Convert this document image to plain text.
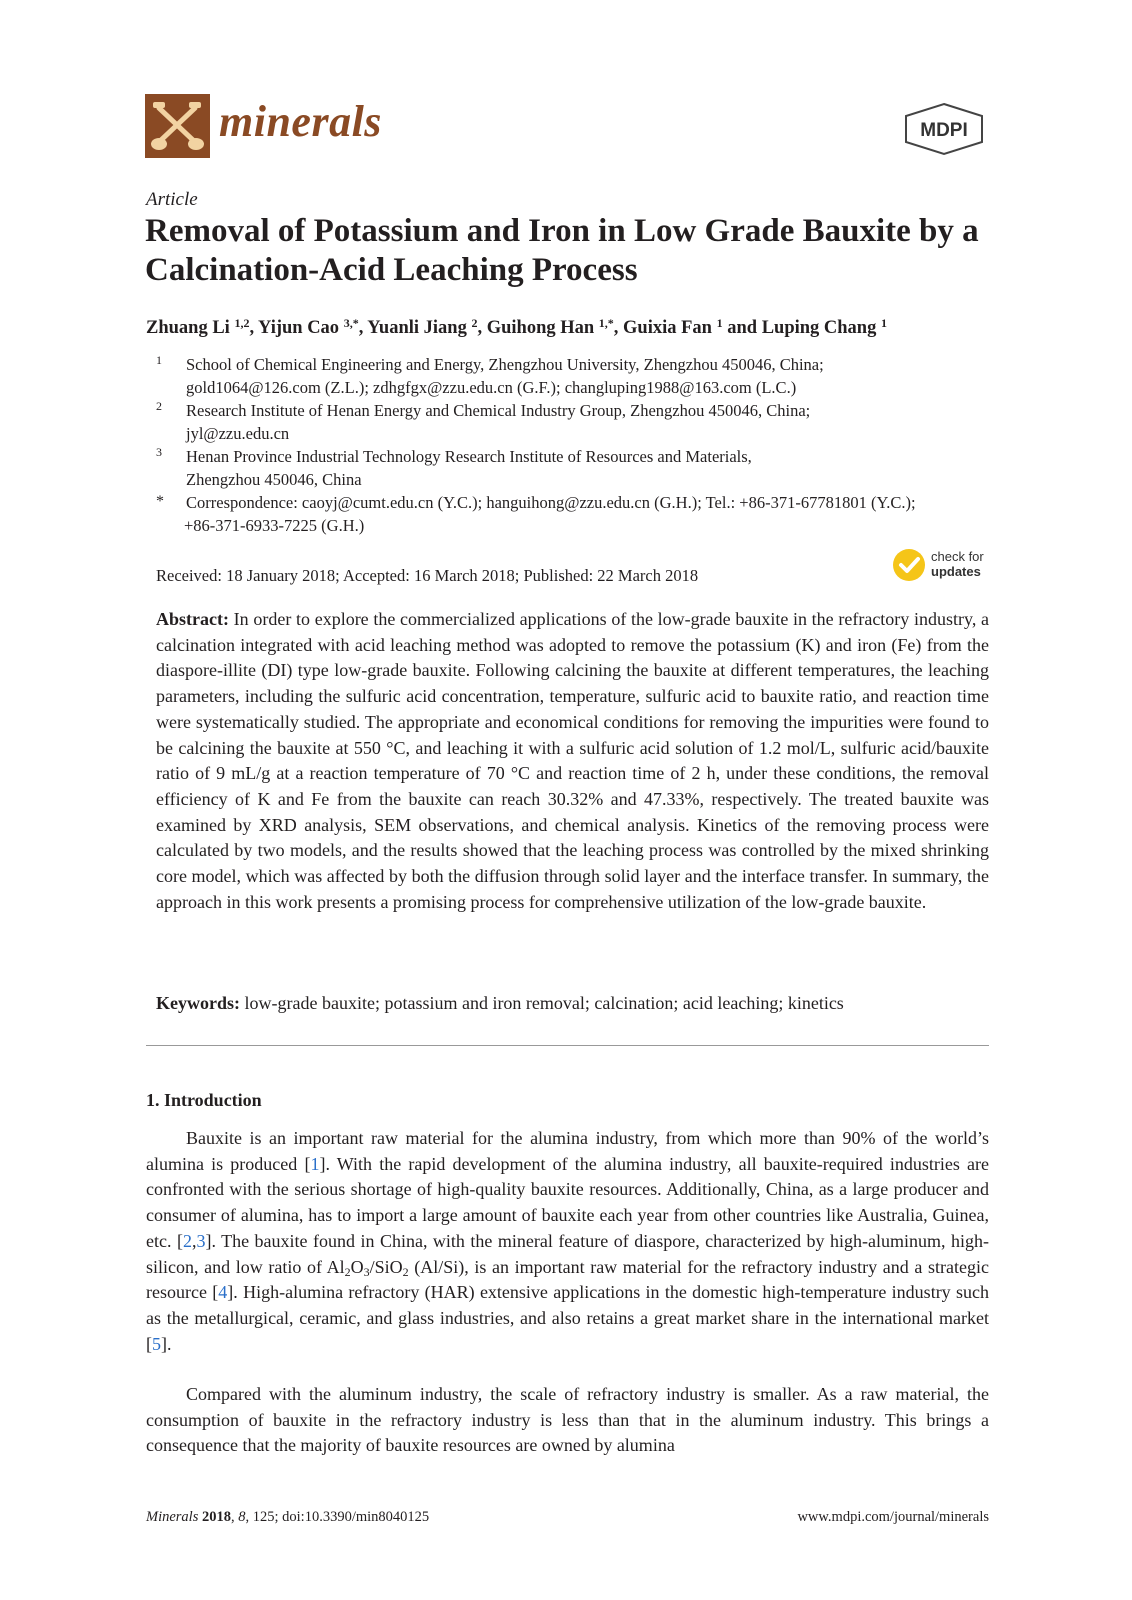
minerals	MDPI
Article
Removal of Potassium and Iron in Low Grade Bauxite by a Calcination-Acid Leaching Process
Zhuang Li $^{1,2}$, Yijun Cao $^{3,*}$, Yuanli Jiang $^2$, Guihong Han $^{1,*}$, Guixia Fan $^1$ and Luping Chang $^1$
1	School of Chemical Engineering and Energy, Zhengzhou University, Zhengzhou 450046, China;
gold1064@126.com (Z.L.); zdhgfgx@zzu.edu.cn (G.F.); changluping1988@163.com (L.C.)
2	Research Institute of Henan Energy and Chemical Industry Group, Zhengzhou 450046, China;
jyl@zzu.edu.cn
3	Henan Province Industrial Technology Research Institute of Resources and Materials,
Zhengzhou 450046, China
*	Correspondence: caoyj@cumt.edu.cn (Y.C.); hanguihong@zzu.edu.cn (G.H.); Tel.: +86-371-67781801 (Y.C.);
+86-371-6933-7225 (G.H.)
Received: 18 January 2018; Accepted: 16 March 2018; Published: 22 March 2018
check for
updates
Abstract: In order to explore the commercialized applications of the low-grade bauxite in the refractory industry, a calcination integrated with acid leaching method was adopted to remove the potassium (K) and iron (Fe) from the diaspore-illite (DI) type low-grade bauxite. Following calcining the bauxite at different temperatures, the leaching parameters, including the sulfuric acid concentration, temperature, sulfuric acid to bauxite ratio, and reaction time were systematically studied. The appropriate and economical conditions for removing the impurities were found to be calcining the bauxite at 550 °C, and leaching it with a sulfuric acid solution of 1.2 mol/L, sulfuric acid/bauxite ratio of 9 mL/g at a reaction temperature of 70 °C and reaction time of 2 h, under these conditions, the removal efficiency of K and Fe from the bauxite can reach 30.32% and 47.33%, respectively. The treated bauxite was examined by XRD analysis, SEM observations, and chemical analysis. Kinetics of the removing process were calculated by two models, and the results showed that the leaching process was controlled by the mixed shrinking core model, which was affected by both the diffusion through solid layer and the interface transfer. In summary, the approach in this work presents a promising process for comprehensive utilization of the low-grade bauxite.
Keywords: low-grade bauxite; potassium and iron removal; calcination; acid leaching; kinetics
1. Introduction
Bauxite is an important raw material for the alumina industry, from which more than 90% of the world’s alumina is produced [1]. With the rapid development of the alumina industry, all bauxite-required industries are confronted with the serious shortage of high-quality bauxite resources. Additionally, China, as a large producer and consumer of alumina, has to import a large amount of bauxite each year from other countries like Australia, Guinea, etc. [2,3]. The bauxite found in China, with the mineral feature of diaspore, characterized by high-aluminum, high-silicon, and low ratio of $Al_2O_3/SiO_2$ (Al/Si), is an important raw material for the refractory industry and a strategic resource [4]. High-alumina refractory (HAR) extensive applications in the domestic high-temperature industry such as the metallurgical, ceramic, and glass industries, and also retains a great market share in the international market [5].
Compared with the aluminum industry, the scale of refractory industry is smaller. As a raw material, the consumption of bauxite in the refractory industry is less than that in the aluminum industry. This brings a consequence that the majority of bauxite resources are owned by alumina
Minerals 2018, 8, 125; doi:10.3390/min8040125	www.mdpi.com/journal/minerals
